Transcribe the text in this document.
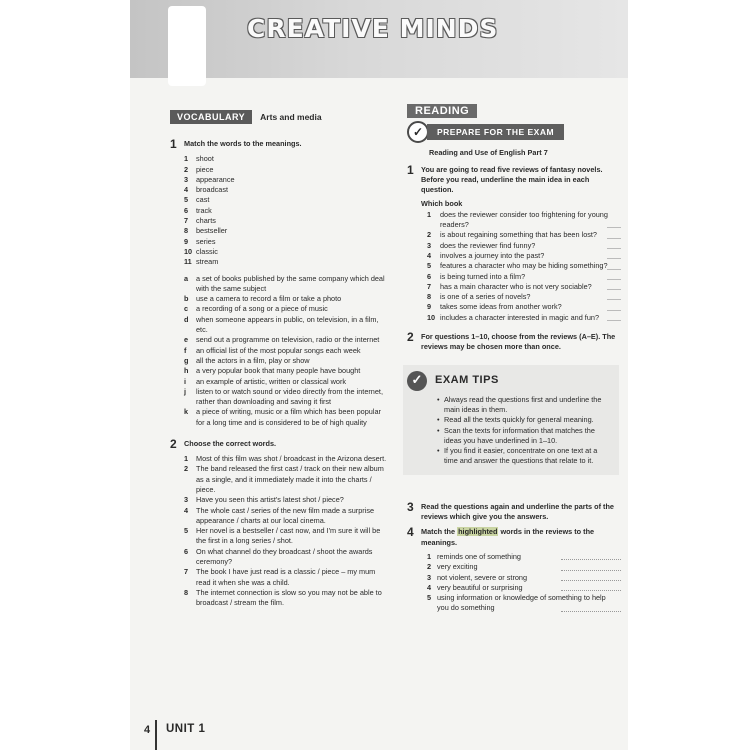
CREATIVE MINDS
VOCABULARY	Arts and media
1	Match the words to the meanings.
1	shoot
2	piece
3	appearance
4	broadcast
5	cast
6	track
7	charts
8	bestseller
9	series
10 classic
11 stream
a	a set of books published by the same company which deal with the same subject
b	use a camera to record a film or take a photo
c	a recording of a song or a piece of music
d	when someone appears in public, on television, in a film, etc.
e	send out a programme on television, radio or the internet
f	an official list of the most popular songs each week
g	all the actors in a film, play or show
h	a very popular book that many people have bought
i	an example of artistic, written or classical work
j	listen to or watch sound or video directly from the internet, rather than downloading and saving it first
k	a piece of writing, music or a film which has been popular for a long time and is considered to be of high quality
2	Choose the correct words.
1	Most of this film was shot / broadcast in the Arizona desert.
2	The band released the first cast / track on their new album as a single, and it immediately made it into the charts / piece.
3	Have you seen this artist's latest shot / piece?
4	The whole cast / series of the new film made a surprise appearance / charts at our local cinema.
5	Her novel is a bestseller / cast now, and I'm sure it will be the first in a long series / shot.
6	On what channel do they broadcast / shoot the awards ceremony?
7	The book I have just read is a classic / piece – my mum read it when she was a child.
8	The internet connection is slow so you may not be able to broadcast / stream the film.
READING
✓	PREPARE FOR THE EXAM
Reading and Use of English Part 7
1	You are going to read five reviews of fantasy novels. Before you read, underline the main idea in each question.
Which book
1	does the reviewer consider too frightening for young readers?
2	is about regaining something that has been lost?
3	does the reviewer find funny?
4	involves a journey into the past?
5	features a character who may be hiding something?
6	is being turned into a film?
7	has a main character who is not very sociable?
8	is one of a series of novels?
9	takes some ideas from another work?
10 includes a character interested in magic and fun?
2	For questions 1–10, choose from the reviews (A–E). The reviews may be chosen more than once.
✓	EXAM TIPS
• Always read the questions first and underline the main ideas in them.
• Read all the texts quickly for general meaning.
• Scan the texts for information that matches the ideas you have underlined in 1–10.
• If you find it easier, concentrate on one text at a time and answer the questions that relate to it.
3	Read the questions again and underline the parts of the reviews which give you the answers.
4	Match the highlighted words in the reviews to the meanings.
1 reminds one of something
2 very exciting
3 not violent, severe or strong
4 very beautiful or surprising
5 using information or knowledge of something to help you do something
4 UNIT 1
